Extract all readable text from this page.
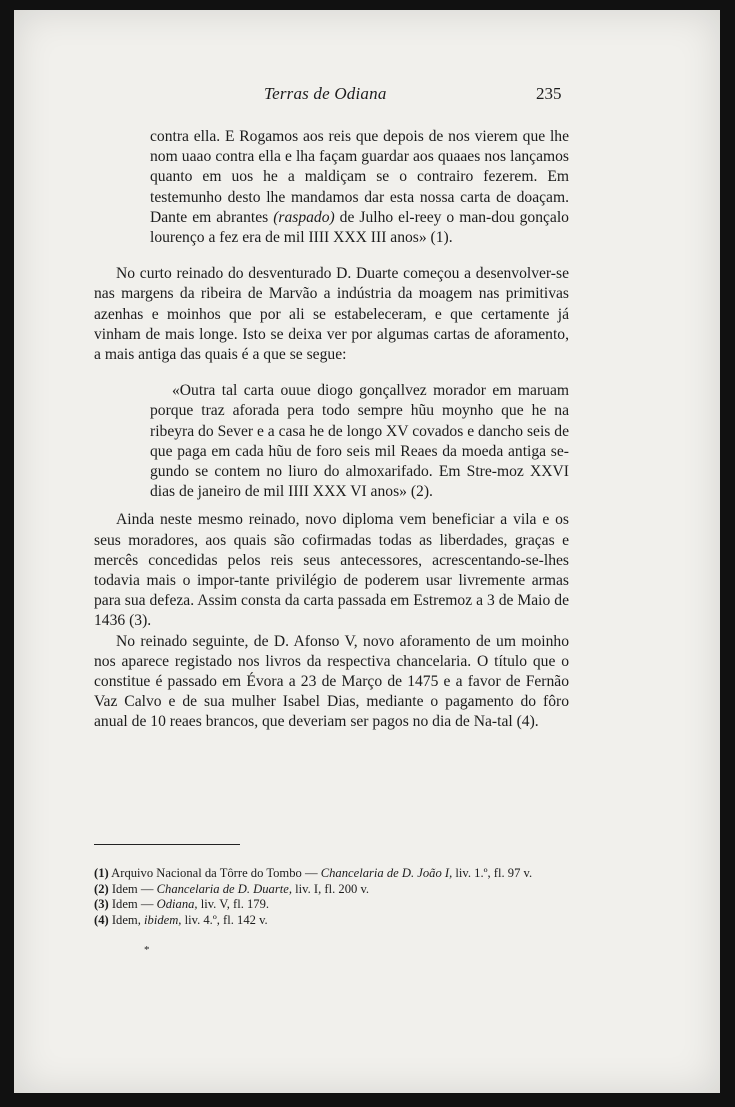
Terras de Odiana	235

contra ella. E Rogamos aos reis que depois de nos vierem que lhe nom uaao contra ella e lha façam guardar aos quaaes nos lançamos quanto em uos he a maldiçam se o contrairo fezerem. Em testemunho desto lhe mandamos dar esta nossa carta de doaçam. Dante em abrantes (raspado) de Julho el-reey o man-dou gonçalo lourenço a fez era de mil IIII XXX III anos» (1).

No curto reinado do desventurado D. Duarte começou a desenvolver-se nas margens da ribeira de Marvão a indústria da moagem nas primitivas azenhas e moinhos que por ali se estabeleceram, e que certamente já vinham de mais longe. Isto se deixa ver por algumas cartas de aforamento, a mais antiga das quais é a que se segue:

«Outra tal carta ouue diogo gonçallvez morador em maruam porque traz aforada pera todo sempre hũu moynho que he na ribeyra do Sever e a casa he de longo XV covados e dancho seis de que paga em cada hũu de foro seis mil Reaes da moeda antiga se-gundo se contem no liuro do almoxarifado. Em Stre-moz XXVI dias de janeiro de mil IIII XXX VI anos» (2).

Ainda neste mesmo reinado, novo diploma vem beneficiar a vila e os seus moradores, aos quais são cofirmadas todas as liberdades, graças e mercês concedidas pelos reis seus antecessores, acrescentando-se-lhes todavia mais o impor-tante privilégio de poderem usar livremente armas para sua defeza. Assim consta da carta passada em Estremoz a 3 de Maio de 1436 (3).

No reinado seguinte, de D. Afonso V, novo aforamento de um moinho nos aparece registado nos livros da respectiva chancelaria. O título que o constitue é passado em Évora a 23 de Março de 1475 e a favor de Fernão Vaz Calvo e de sua mulher Isabel Dias, mediante o pagamento do fôro anual de 10 reaes brancos, que deveriam ser pagos no dia de Na-tal (4).

(1) Arquivo Nacional da Tôrre do Tombo — Chancelaria de D. João I, liv. 1.º, fl. 97 v.

(2) Idem — Chancelaria de D. Duarte, liv. I, fl. 200 v.

(3) Idem — Odiana, liv. V, fl. 179.

(4) Idem, ibidem, liv. 4.º, fl. 142 v.

*
